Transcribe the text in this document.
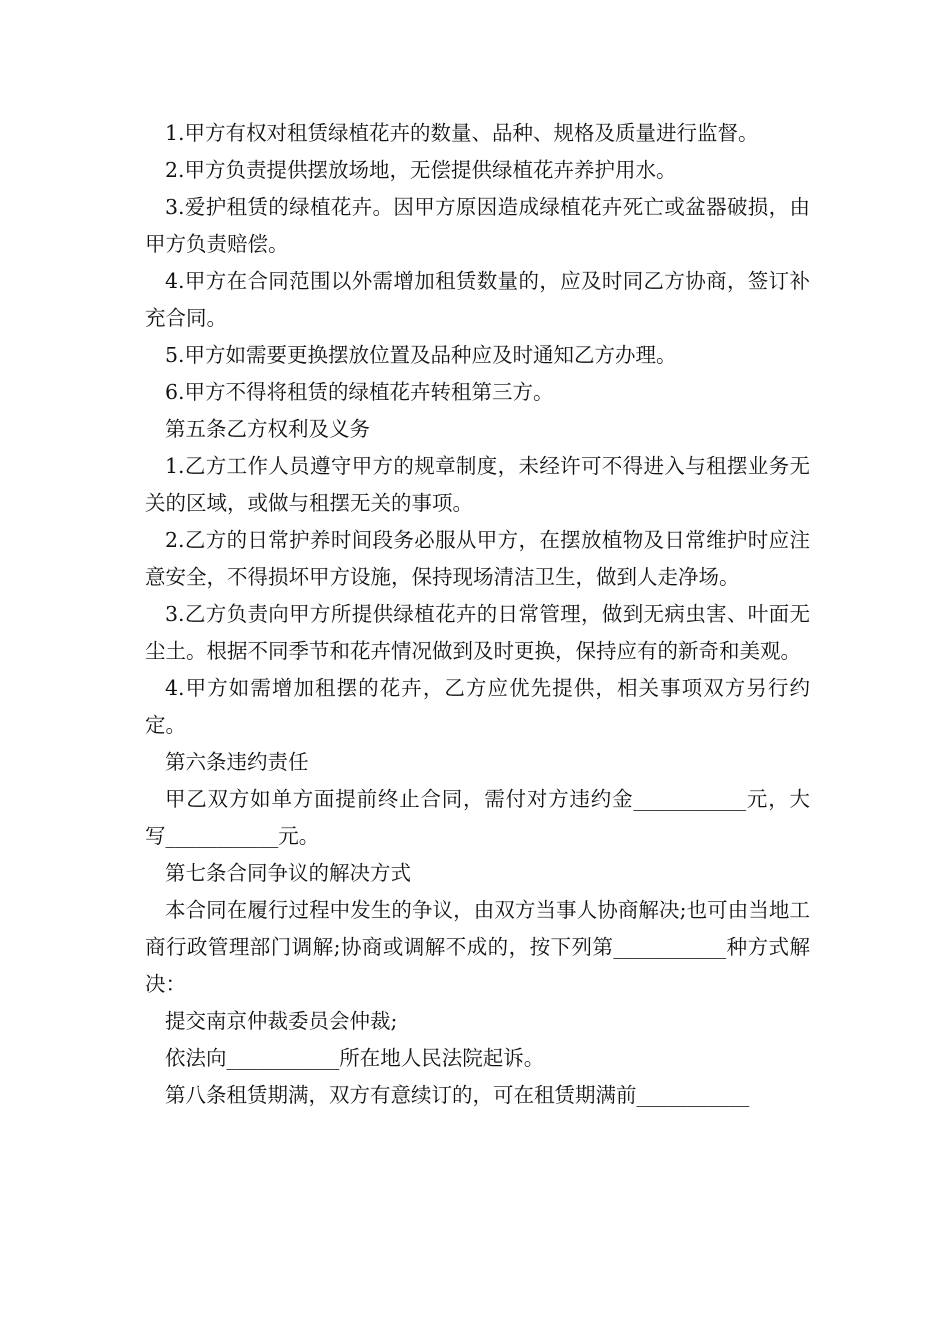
1.甲方有权对租赁绿植花卉的数量、品种、规格及质量进行监督。

2.甲方负责提供摆放场地，无偿提供绿植花卉养护用水。

3.爱护租赁的绿植花卉。因甲方原因造成绿植花卉死亡或盆器破损，由甲方负责赔偿。

4.甲方在合同范围以外需增加租赁数量的，应及时同乙方协商，签订补充合同。

5.甲方如需要更换摆放位置及品种应及时通知乙方办理。

6.甲方不得将租赁的绿植花卉转租第三方。

第五条乙方权利及义务

1.乙方工作人员遵守甲方的规章制度，未经许可不得进入与租摆业务无关的区域，或做与租摆无关的事项。

2.乙方的日常护养时间段务必服从甲方，在摆放植物及日常维护时应注意安全，不得损坏甲方设施，保持现场清洁卫生，做到人走净场。

3.乙方负责向甲方所提供绿植花卉的日常管理，做到无病虫害、叶面无尘土。根据不同季节和花卉情况做到及时更换，保持应有的新奇和美观。

4.甲方如需增加租摆的花卉，乙方应优先提供，相关事项双方另行约定。

第六条违约责任

甲乙双方如单方面提前终止合同，需付对方违约金___________元，大写___________元。

第七条合同争议的解决方式

本合同在履行过程中发生的争议，由双方当事人协商解决;也可由当地工商行政管理部门调解;协商或调解不成的，按下列第___________种方式解决：

提交南京仲裁委员会仲裁;

依法向___________所在地人民法院起诉。

第八条租赁期满，双方有意续订的，可在租赁期满前___________
